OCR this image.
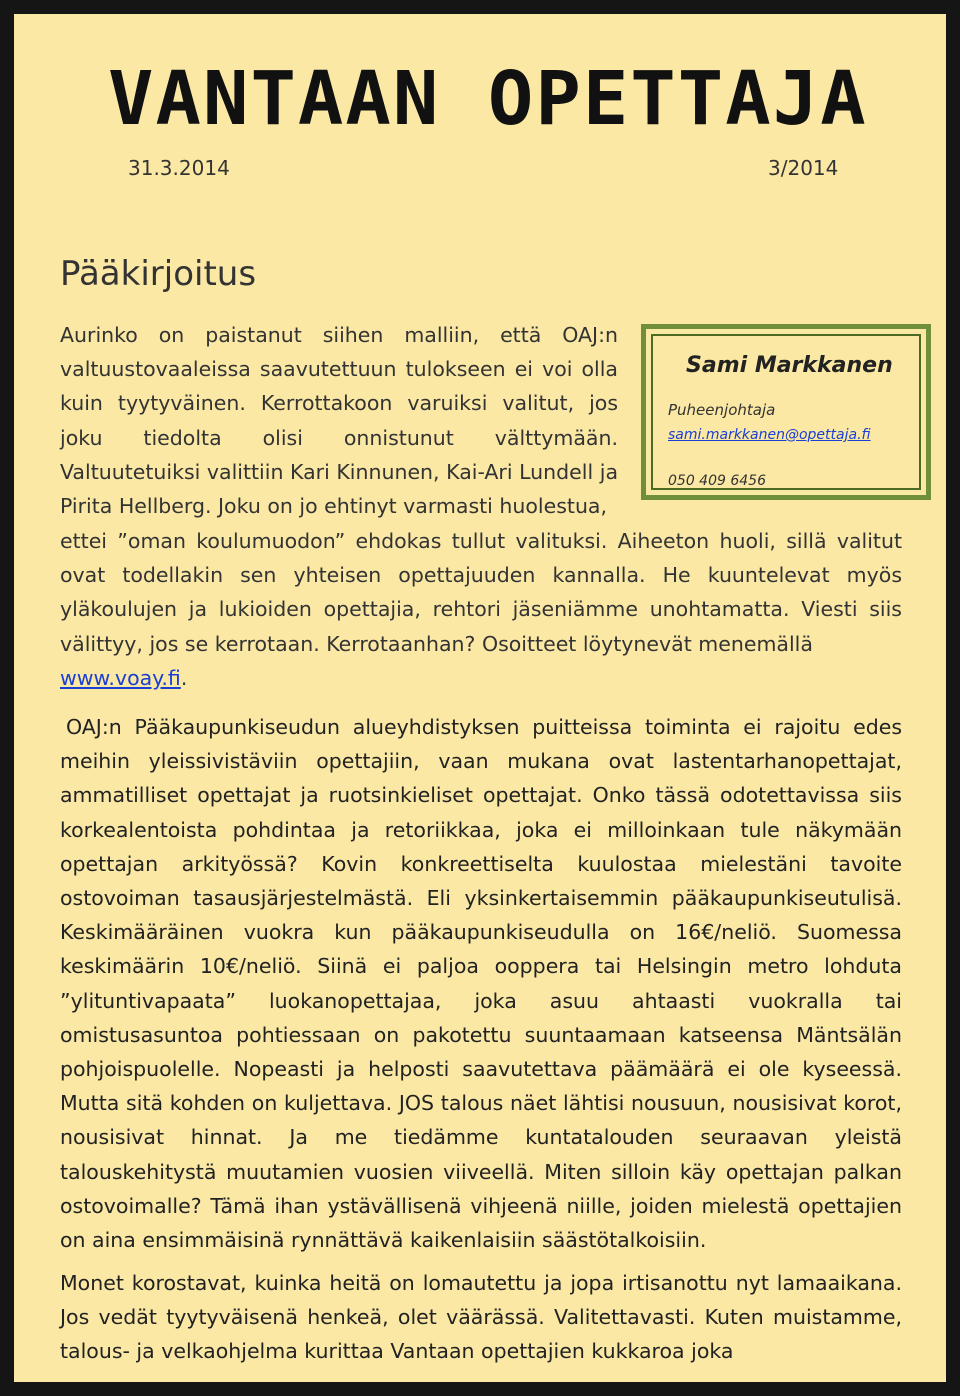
VANTAAN OPETTAJA
31.3.2014	3/2014
Pääkirjoitus
Aurinko on paistanut siihen malliin, että OAJ:n valtuustovaaleissa saavutettuun tulokseen ei voi olla kuin tyytyväinen. Kerrottakoon varuiksi valitut, jos joku tiedolta olisi onnistunut välttymään. Valtuutetuiksi valittiin Kari Kinnunen, Kai-Ari Lundell ja Pirita Hellberg. Joku on jo ehtinyt varmasti huolestua,
Sami Markkanen
Puheenjohtaja
sami.markkanen@opettaja.fi
050 409 6456
ettei ”oman koulumuodon” ehdokas tullut valituksi. Aiheeton huoli, sillä valitut ovat todellakin sen yhteisen opettajuuden kannalla. He kuuntelevat myös yläkoulujen ja lukioiden opettajia, rehtori jäseniämme unohtamatta. Viesti siis välittyy, jos se kerrotaan. Kerrotaanhan? Osoitteet löytynevät menemällä
www.voay.fi.
OAJ:n Pääkaupunkiseudun alueyhdistyksen puitteissa toiminta ei rajoitu edes meihin yleissivistäviin opettajiin, vaan mukana ovat lastentarhanopettajat, ammatilliset opettajat ja ruotsinkieliset opettajat. Onko tässä odotettavissa siis korkealentoista pohdintaa ja retoriikkaa, joka ei milloinkaan tule näkymään opettajan arkityössä? Kovin konkreettiselta kuulostaa mielestäni tavoite ostovoiman tasausjärjestelmästä. Eli yksinkertaisemmin pääkaupunkiseutulisä. Keskimääräinen vuokra kun pääkaupunkiseudulla on 16€/neliö. Suomessa keskimäärin 10€/neliö. Siinä ei paljoa ooppera tai Helsingin metro lohduta ”ylituntivapaata” luokanopettajaa, joka asuu ahtaasti vuokralla tai omistusasuntoa pohtiessaan on pakotettu suuntaamaan katseensa Mäntsälän pohjoispuolelle. Nopeasti ja helposti saavutettava päämäärä ei ole kyseessä. Mutta sitä kohden on kuljettava. JOS talous näet lähtisi nousuun, nousisivat korot, nousisivat hinnat. Ja me tiedämme kuntatalouden seuraavan yleistä talouskehitystä muutamien vuosien viiveellä. Miten silloin käy opettajan palkan ostovoimalle? Tämä ihan ystävällisenä vihjeenä niille, joiden mielestä opettajien on aina ensimmäisinä rynnättävä kaikenlaisiin säästötalkoisiin.
Monet korostavat, kuinka heitä on lomautettu ja jopa irtisanottu nyt lamaaikana. Jos vedät tyytyväisenä henkeä, olet väärässä. Valitettavasti. Kuten muistamme, talous- ja velkaohjelma kurittaa Vantaan opettajien kukkaroa joka
